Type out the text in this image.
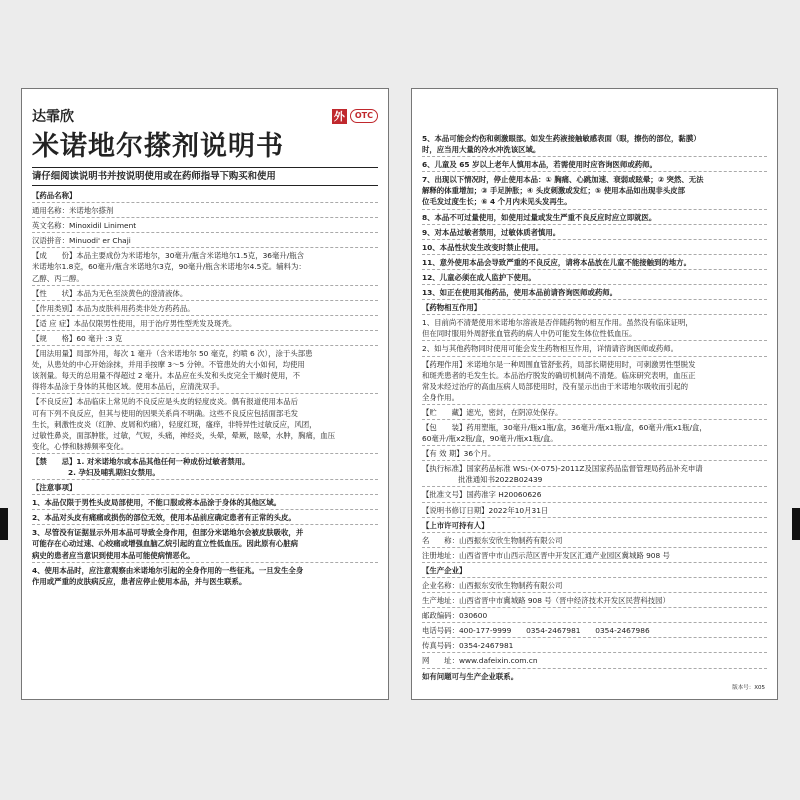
达霏欣	外	OTC

米诺地尔搽剂说明书

请仔细阅读说明书并按说明使用或在药师指导下购买和使用

【药品名称】

通用名称：米诺地尔搽剂

英文名称：Minoxidil Liniment

汉语拼音：Minuodi' er Chaji

【成　　份】本品主要成份为米诺地尔，30毫升/瓶含米诺地尔1.5克，36毫升/瓶含

米诺地尔1.8克，60毫升/瓶含米诺地尔3克，90毫升/瓶含米诺地尔4.5克。辅料为：

乙醇、丙二醇。

【性　　状】本品为无色至淡黄色的澄清液体。

【作用类别】本品为皮肤科用药类非处方药药品。

【适 应 症】本品仅限男性使用，用于治疗男性型秃发及斑秃。

【规　　格】60 毫升 :3 克

【用法用量】局部外用，每次 1 毫升（含米诺地尔 50 毫克，约喷 6 次），涂于头部患

处，从患处的中心开始涂抹，并用手按摩 3～5 分钟。不管患处的大小如何，均使用

该剂量。每天的总用量不得超过 2 毫升。本品应在头发和头皮完全干燥时使用，不

得将本品涂于身体的其他区域。使用本品后，应清洗双手。

【不良反应】本品临床上常见的不良反应是头皮的轻度皮炎。偶有报道使用本品后

可有下列不良反应，但其与使用的因果关系尚不明确。这些不良反应包括面部毛发

生长，刺激性皮炎（红肿、皮屑和灼痛），轻度红斑，瘙痒，非特异性过敏反应，风团，

过敏性鼻炎，面部肿胀，过敏，气短，头痛，神经炎，头晕，晕厥，眩晕，水肿，胸痛，血压

变化，心悸和脉搏频率变化。

【禁　　忌】1. 对米诺地尔或本品其他任何一种成份过敏者禁用。

2. 孕妇及哺乳期妇女禁用。

【注意事项】

1、本品仅限于男性头皮局部使用，不能口服或将本品涂于身体的其他区域。

2、本品对头皮有痛痛或损伤的部位无效，使用本品前应确定患者有正常的头皮。

3、尽管没有证据显示外用本品可导致全身作用，但部分米诺地尔会被皮肤吸收，并

可能存在心动过速、心绞痛或增强血脑乙烷引起的直立性低血压。因此原有心脏病

病史的患者应当意识到使用本品可能使病情恶化。

4、使用本品时，应注意观察由米诺地尔引起的全身作用的一些征兆。一旦发生全身

作用或严重的皮肤病反应，患者应停止使用本品，并与医生联系。

5、本品可能会灼伤和刺激眼部。如发生药液接触敏感表面（眼，擦伤的部位，黏膜）

时，应当用大量的冷水冲洗该区域。

6、儿童及 65 岁以上老年人慎用本品，若需使用时应咨询医师或药师。

7、出现以下情况时，停止使用本品：① 胸痛、心跳加速、衰弱或眩晕；② 突然、无法

解释的体重增加；③ 手足肿胀；④ 头皮刺激或发红；⑤ 使用本品如出现非头皮部

位毛发过度生长；⑥ 4 个月内未见头发再生。

8、本品不可过量使用，如使用过量或发生严重不良反应时应立即就医。

9、对本品过敏者禁用，过敏体质者慎用。

10、本品性状发生改变时禁止使用。

11、意外使用本品会导致严重的不良反应，请将本品放在儿童不能接触到的地方。

12、儿童必须在成人监护下使用。

13、如正在使用其他药品，使用本品前请咨询医师或药师。

【药物相互作用】

1、目前尚不清楚使用米诺地尔溶液是否伴随药物的相互作用。虽然没有临床证明，

但在同时服用外周舒张血管药的病人中仍可能发生体位性低血压。

2、如与其他药物同时使用可能会发生药物相互作用，详情请咨询医师或药师。

【药理作用】米诺地尔是一种周围血管舒张药，局部长期使用时，可刺激男性型脱发

和斑秃患者的毛发生长。本品治疗脱发的确切机制尚不清楚。临床研究表明，血压正

常及未经过治疗的高血压病人局部使用时，没有显示出由于米诺地尔吸收而引起的

全身作用。

【贮　　藏】遮光，密封，在阴凉处保存。

【包　　装】药用塑瓶，30毫升/瓶x1瓶/盒，36毫升/瓶x1瓶/盒，60毫升/瓶x1瓶/盒，

60毫升/瓶x2瓶/盒，90毫升/瓶x1瓶/盒。

【有 效 期】36个月。

【执行标准】国家药品标准 WS₁-(X-075)-2011Z及国家药品监督管理局药品补充申请

批准通知书2022B02439

【批准文号】国药准字 H20060626

【说明书修订日期】2022年10月31日

【上市许可持有人】

名　　称：山西振东安欣生物制药有限公司

注册地址：山西省晋中市山西示范区晋中开发区汇通产业园区冀城路 908 号

【生产企业】

企业名称：山西振东安欣生物制药有限公司

生产地址：山西省晋中市冀城路 908 号（晋中经济技术开发区民营科技园）

邮政编码：030600

电话号码：400-177-9999　　0354-2467981　　0354-2467986

传真号码：0354-2467981

网　　址：www.dafeixin.com.cn

如有问题可与生产企业联系。

版本号：X05
